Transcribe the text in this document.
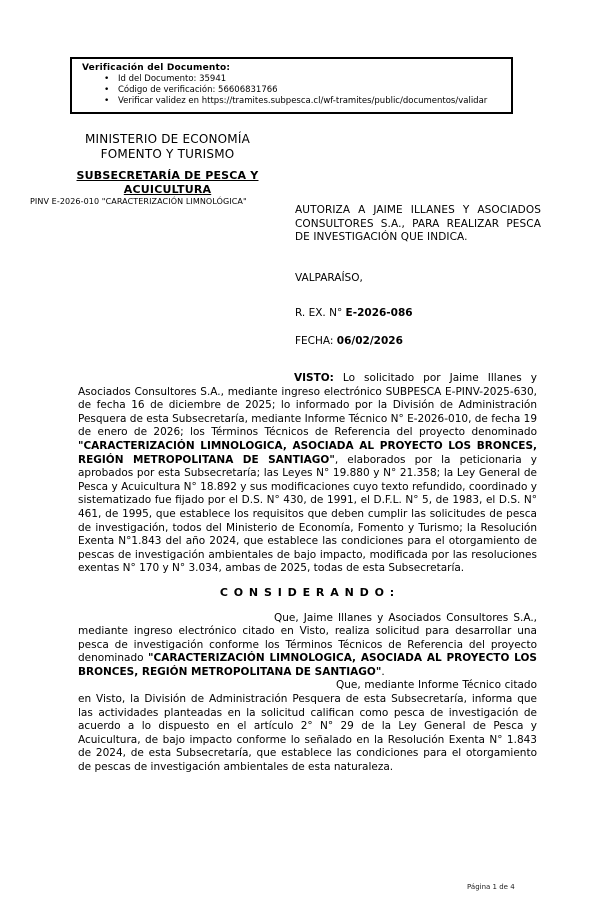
Verificación del Documento:
• Id del Documento: 35941
• Código de verificación: 56606831766
• Verificar validez en https://tramites.subpesca.cl/wf-tramites/public/documentos/validar
MINISTERIO DE ECONOMÍA
FOMENTO Y TURISMO
SUBSECRETARÍA DE PESCA Y ACUICULTURA
PINV E-2026-010 "CARACTERIZACIÓN LIMNOLÓGICA"
AUTORIZA A JAIME ILLANES Y ASOCIADOS CONSULTORES S.A., PARA REALIZAR PESCA DE INVESTIGACIÓN QUE INDICA.
VALPARAÍSO,
R. EX. N° E-2026-086
FECHA: 06/02/2026

VISTO: Lo solicitado por Jaime Illanes y Asociados Consultores S.A., mediante ingreso electrónico SUBPESCA E-PINV-2025-630, de fecha 16 de diciembre de 2025; lo informado por la División de Administración Pesquera de esta Subsecretaría, mediante Informe Técnico N° E-2026-010, de fecha 19 de enero de 2026; los Términos Técnicos de Referencia del proyecto denominado "CARACTERIZACIÓN LIMNOLOGICA, ASOCIADA AL PROYECTO LOS BRONCES, REGIÓN METROPOLITANA DE SANTIAGO", elaborados por la peticionaria y aprobados por esta Subsecretaría; las Leyes N° 19.880 y N° 21.358; la Ley General de Pesca y Acuicultura N° 18.892 y sus modificaciones cuyo texto refundido, coordinado y sistematizado fue fijado por el D.S. N° 430, de 1991, el D.F.L. N° 5, de 1983, el D.S. N° 461, de 1995, que establece los requisitos que deben cumplir las solicitudes de pesca de investigación, todos del Ministerio de Economía, Fomento y Turismo; la Resolución Exenta N°1.843 del año 2024, que establece las condiciones para el otorgamiento de pescas de investigación ambientales de bajo impacto, modificada por las resoluciones exentas N° 170 y N° 3.034, ambas de 2025, todas de esta Subsecretaría.

C O N S I D E R A N D O :

Que, Jaime Illanes y Asociados Consultores S.A., mediante ingreso electrónico citado en Visto, realiza solicitud para desarrollar una pesca de investigación conforme los Términos Técnicos de Referencia del proyecto denominado "CARACTERIZACIÓN LIMNOLOGICA, ASOCIADA AL PROYECTO LOS BRONCES, REGIÓN METROPOLITANA DE SANTIAGO".

Que, mediante Informe Técnico citado en Visto, la División de Administración Pesquera de esta Subsecretaría, informa que las actividades planteadas en la solicitud califican como pesca de investigación de acuerdo a lo dispuesto en el artículo 2° N° 29 de la Ley General de Pesca y Acuicultura, de bajo impacto conforme lo señalado en la Resolución Exenta N° 1.843 de 2024, de esta Subsecretaría, que establece las condiciones para el otorgamiento de pescas de investigación ambientales de esta naturaleza.

Página 1 de 4
